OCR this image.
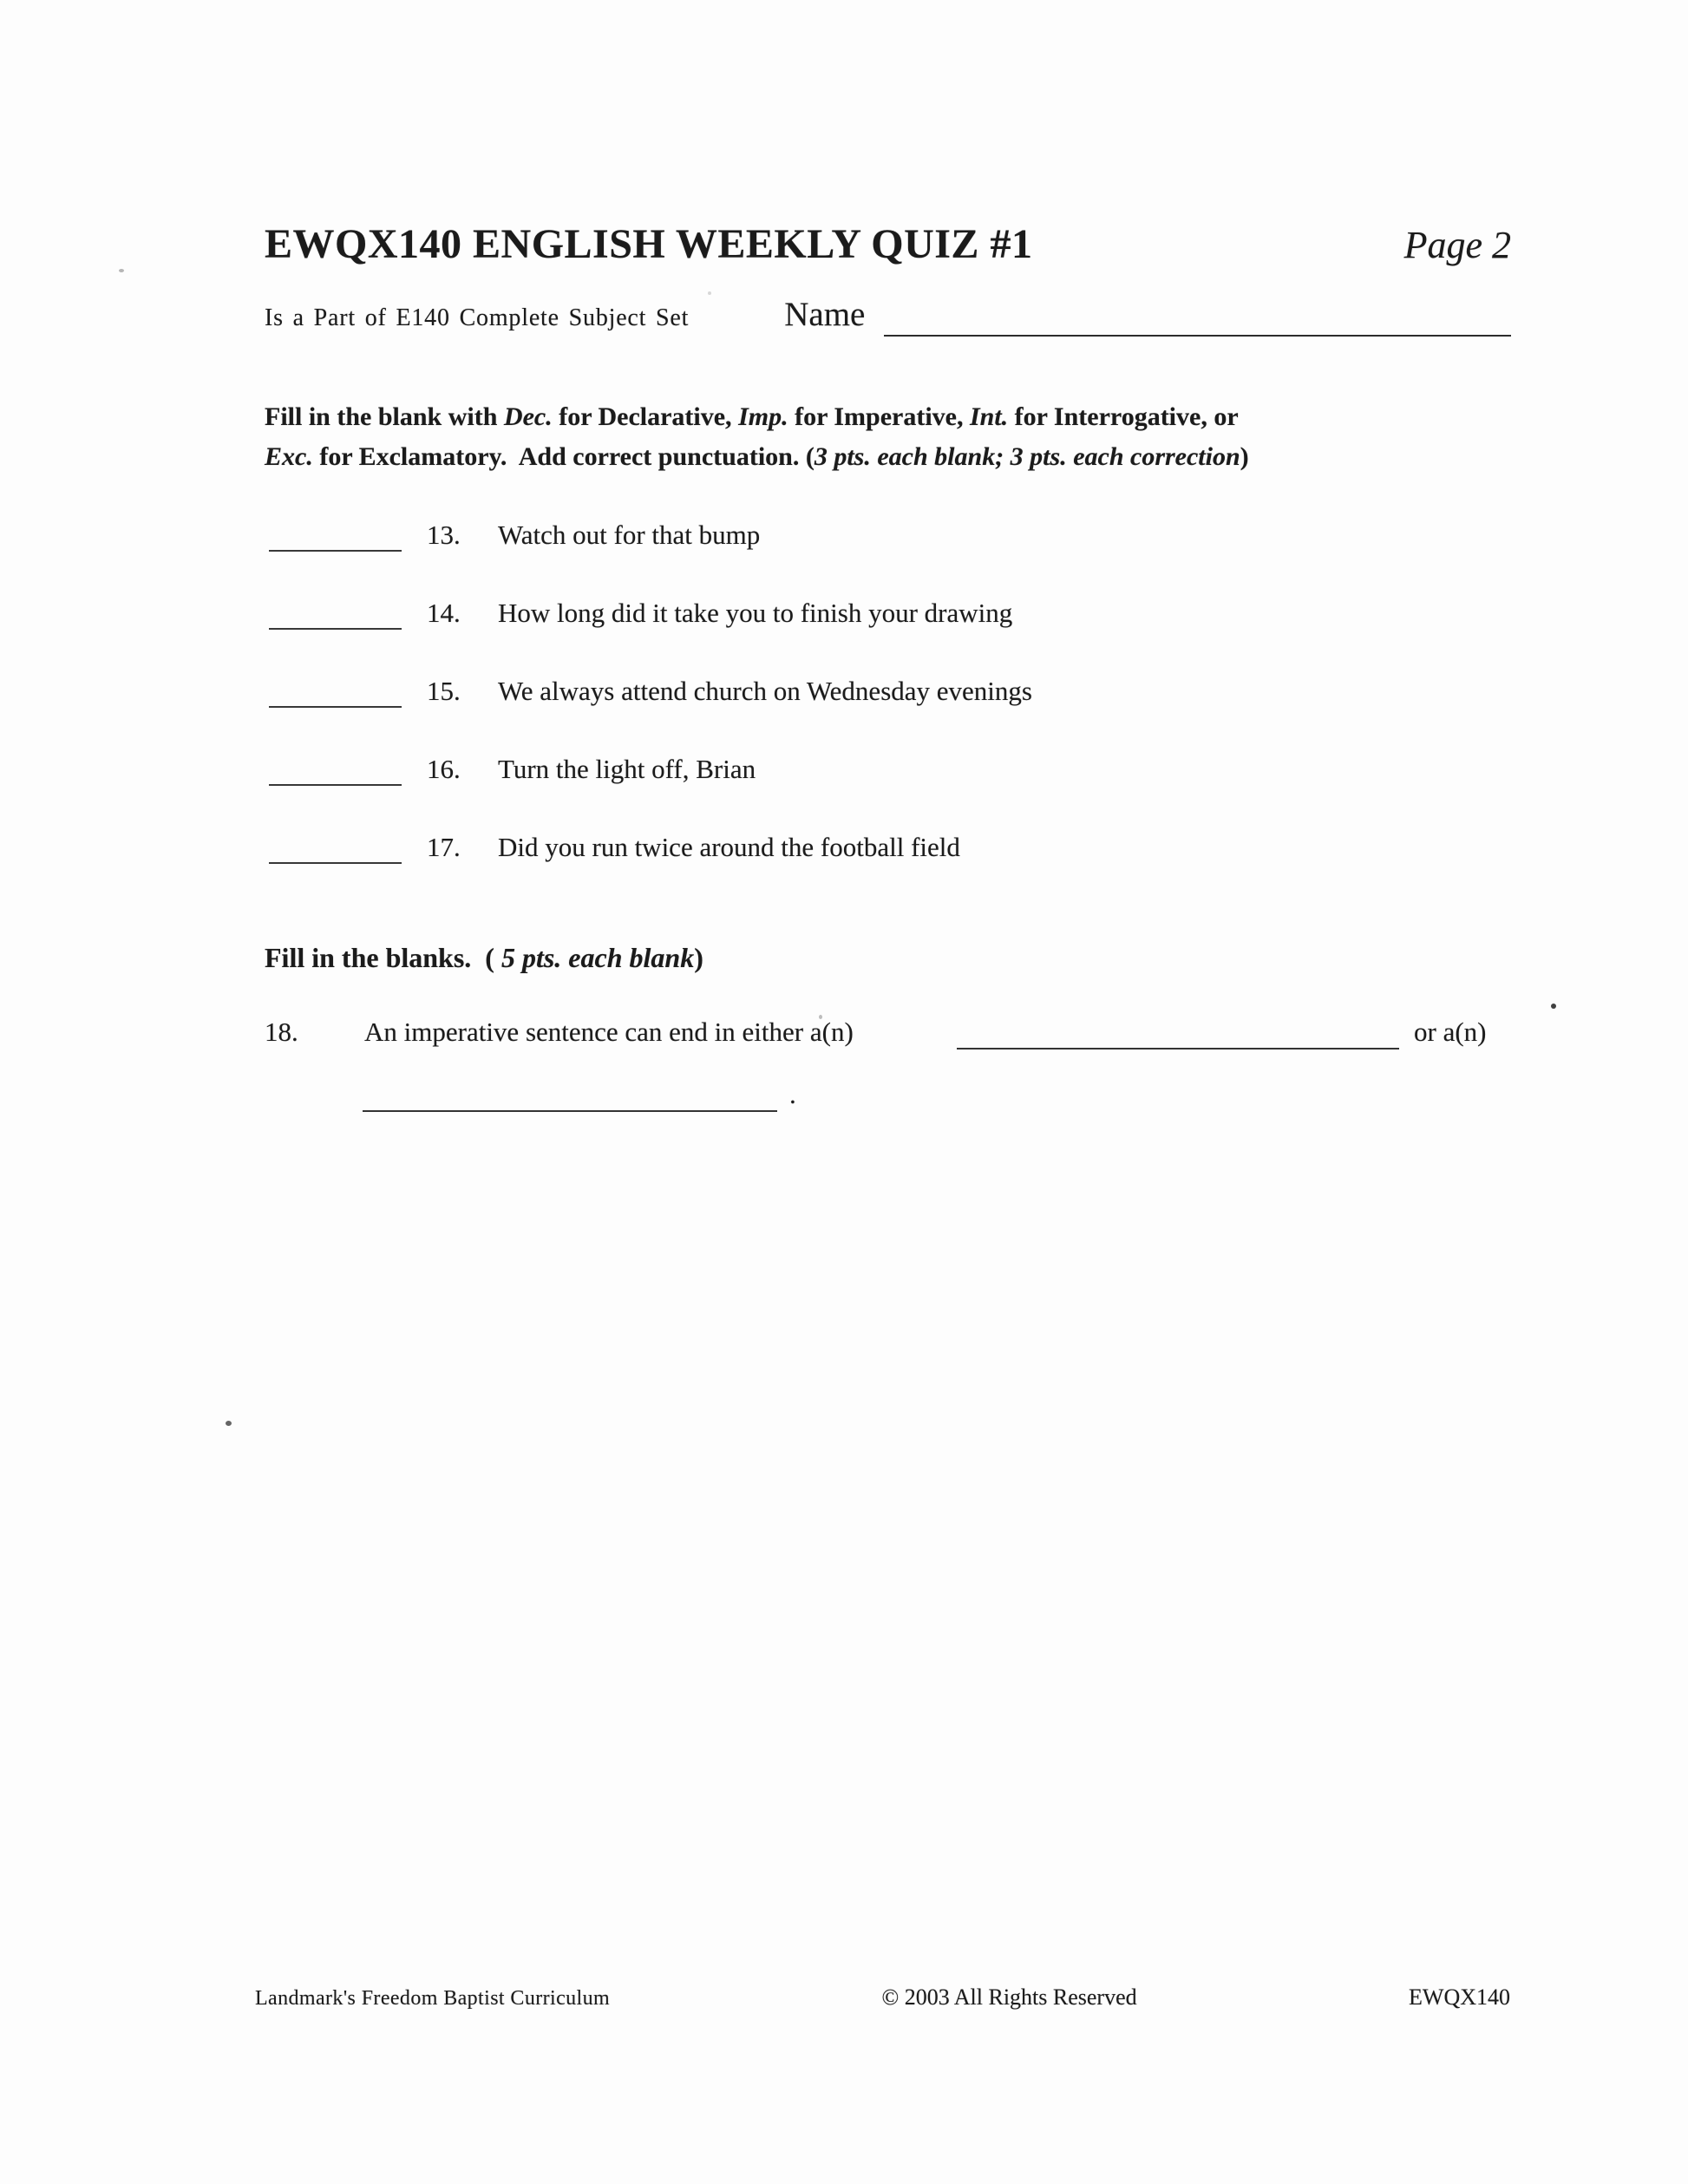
EWQX140 ENGLISH WEEKLY QUIZ #1	Page 2
Is a Part of E140 Complete Subject Set	Name
Fill in the blank with Dec. for Declarative, Imp. for Imperative, Int. for Interrogative, or
Exc. for Exclamatory.  Add correct punctuation. (3 pts. each blank; 3 pts. each correction)
13. Watch out for that bump
14. How long did it take you to finish your drawing
15. We always attend church on Wednesday evenings
16. Turn the light off, Brian
17. Did you run twice around the football field
Fill in the blanks.  ( 5 pts. each blank)
18. An imperative sentence can end in either a(n)	or a(n)
.
Landmark's Freedom Baptist Curriculum	© 2003 All Rights Reserved	EWQX140
